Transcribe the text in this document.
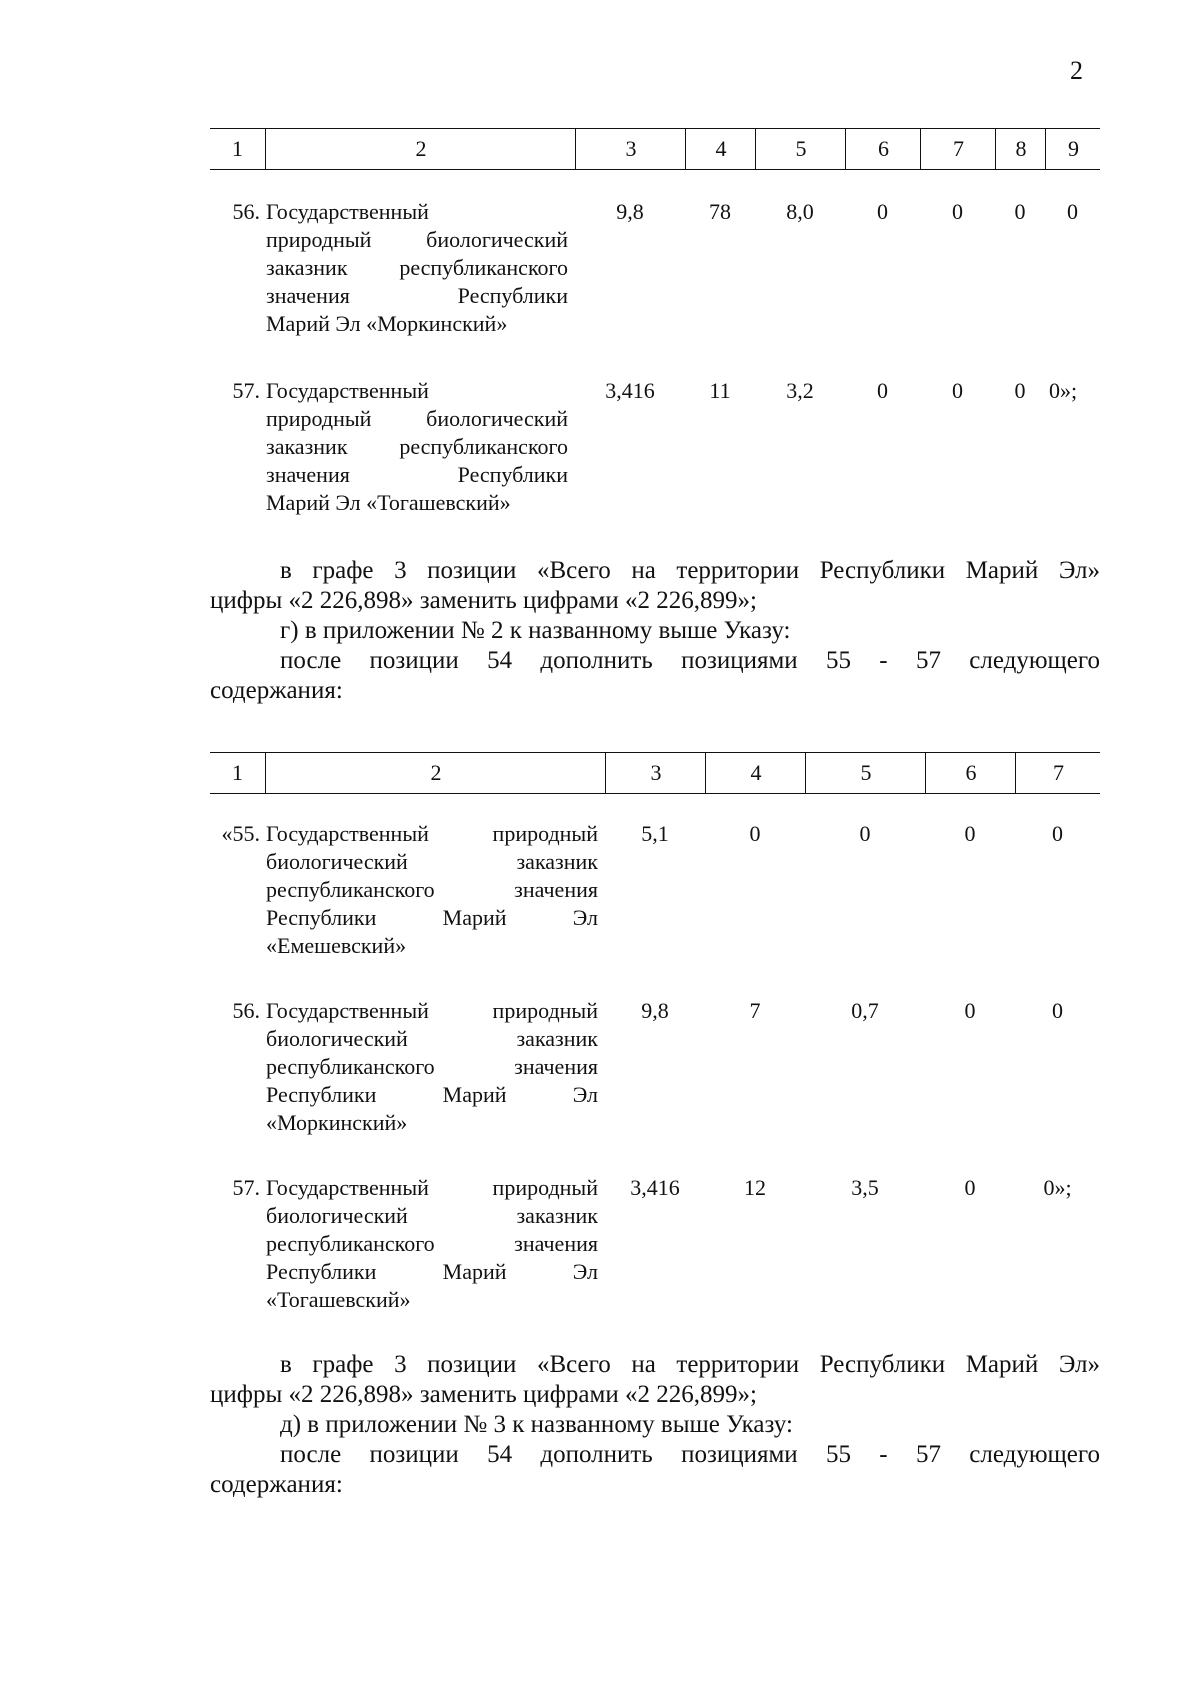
2
1	2	3	4	5	6	7	8	9
56. Государственный
природный биологический
заказник республиканского
значения Республики
Марий Эл «Моркинский»
9,8	78	8,0	0	0	0	0
57. Государственный
природный биологический
заказник республиканского
значения Республики
Марий Эл «Тогашевский»
3,416	11	3,2	0	0	0	0»;
в графе 3 позиции «Всего на территории Республики Марий Эл»
цифры «2 226,898» заменить цифрами «2 226,899»;
г) в приложении № 2 к названному выше Указу:
после позиции 54 дополнить позициями 55 - 57 следующего
содержания:
1	2	3	4	5	6	7
«55. Государственный природный
биологический заказник
республиканского значения
Республики Марий Эл
«Емешевский»
5,1	0	0	0	0
56. Государственный природный
биологический заказник
республиканского значения
Республики Марий Эл
«Моркинский»
9,8	7	0,7	0	0
57. Государственный природный
биологический заказник
республиканского значения
Республики Марий Эл
«Тогашевский»
3,416	12	3,5	0	0»;
в графе 3 позиции «Всего на территории Республики Марий Эл»
цифры «2 226,898» заменить цифрами «2 226,899»;
д) в приложении № 3 к названному выше Указу:
после позиции 54 дополнить позициями 55 - 57 следующего
содержания:
